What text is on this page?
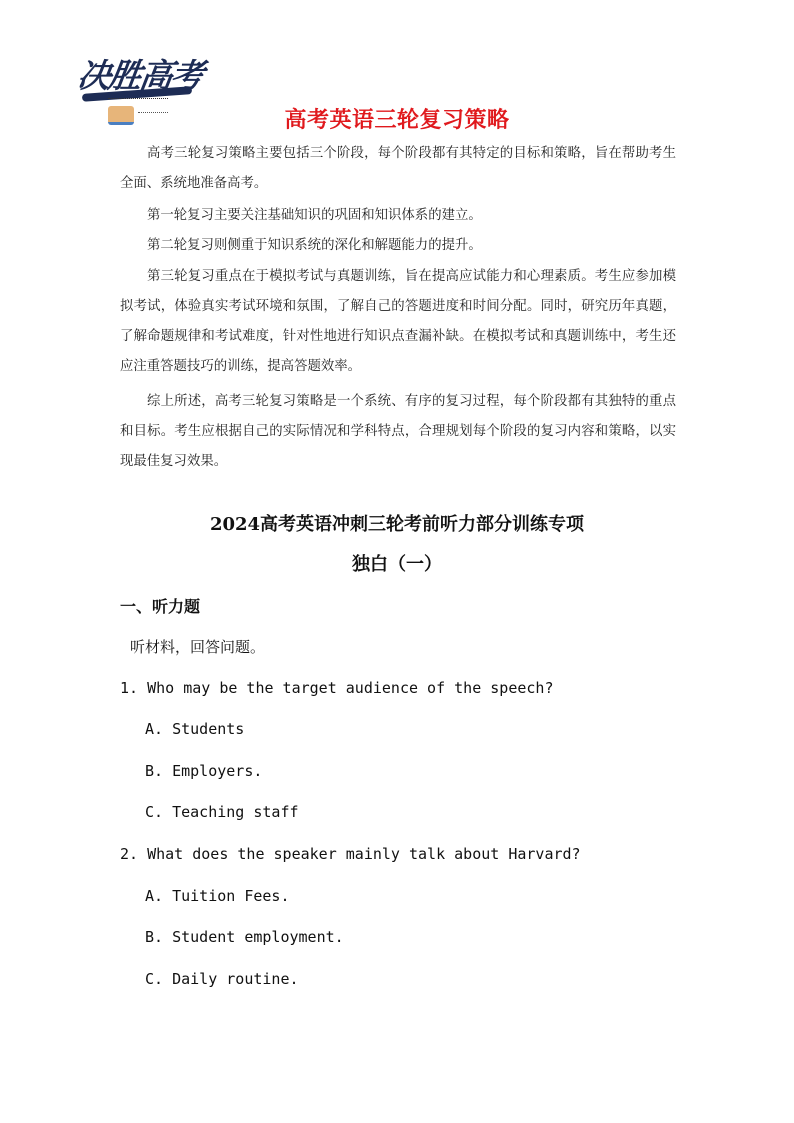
决胜高考
高考英语三轮复习策略
高考三轮复习策略主要包括三个阶段，每个阶段都有其特定的目标和策略，旨在帮助考生全面、系统地准备高考。
第一轮复习主要关注基础知识的巩固和知识体系的建立。
第二轮复习则侧重于知识系统的深化和解题能力的提升。
第三轮复习重点在于模拟考试与真题训练，旨在提高应试能力和心理素质。考生应参加模拟考试，体验真实考试环境和氛围，了解自己的答题进度和时间分配。同时，研究历年真题，了解命题规律和考试难度，针对性地进行知识点查漏补缺。在模拟考试和真题训练中，考生还应注重答题技巧的训练，提高答题效率。
综上所述，高考三轮复习策略是一个系统、有序的复习过程，每个阶段都有其独特的重点和目标。考生应根据自己的实际情况和学科特点，合理规划每个阶段的复习内容和策略，以实现最佳复习效果。
2024高考英语冲刺三轮考前听力部分训练专项
独白（一）
一、听力题
听材料，回答问题。
1. Who may be the target audience of the speech?
A. Students
B. Employers.
C. Teaching staff
2. What does the speaker mainly talk about Harvard?
A. Tuition Fees.
B. Student employment.
C. Daily routine.
